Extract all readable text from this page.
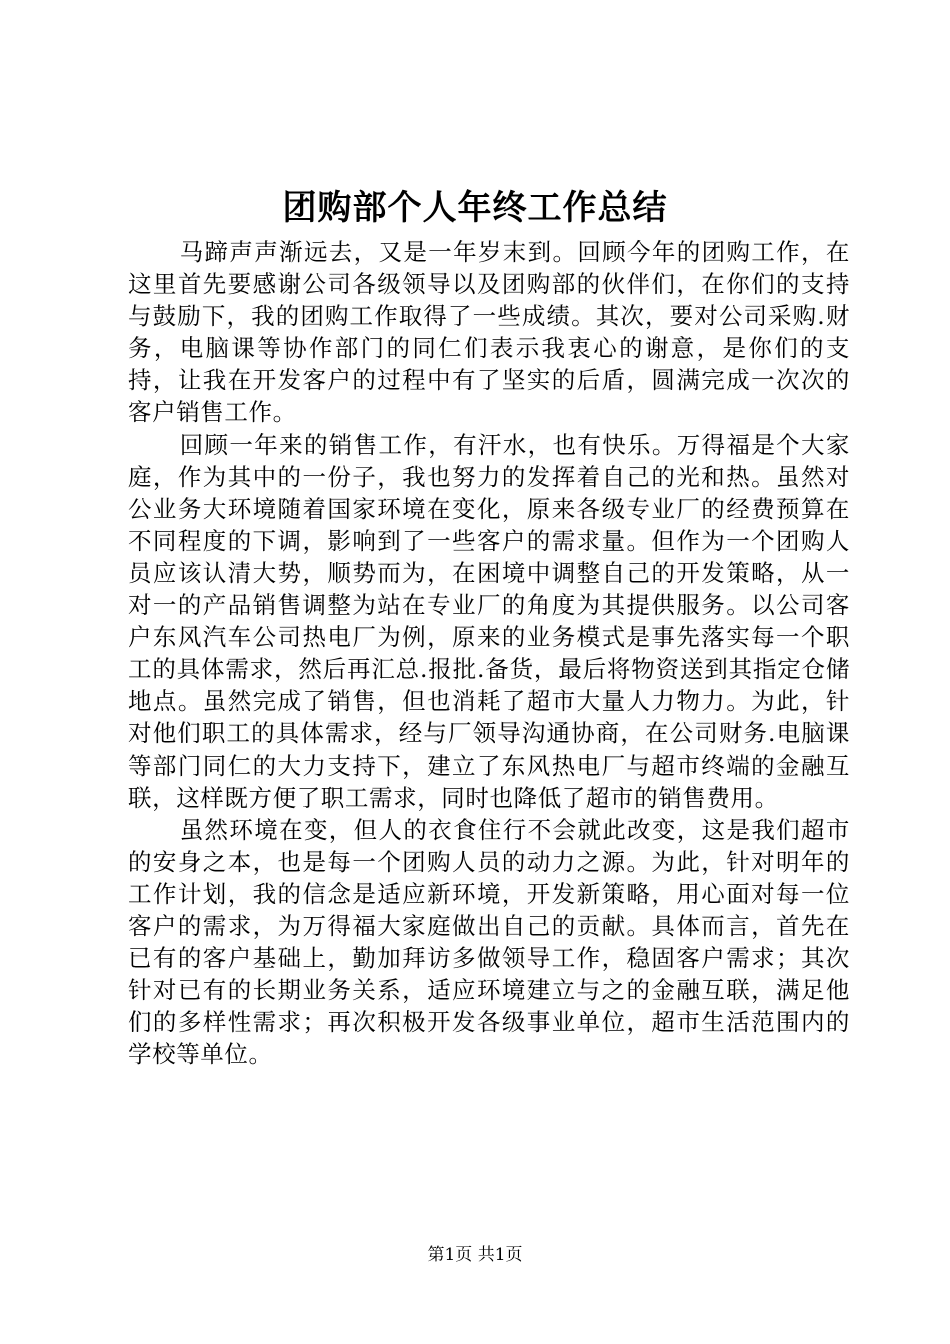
团购部个人年终工作总结

马蹄声声渐远去，又是一年岁末到。回顾今年的团购工作，在这里首先要感谢公司各级领导以及团购部的伙伴们，在你们的支持与鼓励下，我的团购工作取得了一些成绩。其次，要对公司采购.财务，电脑课等协作部门的同仁们表示我衷心的谢意，是你们的支持，让我在开发客户的过程中有了坚实的后盾，圆满完成一次次的客户销售工作。

回顾一年来的销售工作，有汗水，也有快乐。万得福是个大家庭，作为其中的一份子，我也努力的发挥着自己的光和热。虽然对公业务大环境随着国家环境在变化，原来各级专业厂的经费预算在不同程度的下调，影响到了一些客户的需求量。但作为一个团购人员应该认清大势，顺势而为，在困境中调整自己的开发策略，从一对一的产品销售调整为站在专业厂的角度为其提供服务。以公司客户东风汽车公司热电厂为例，原来的业务模式是事先落实每一个职工的具体需求，然后再汇总.报批.备货，最后将物资送到其指定仓储地点。虽然完成了销售，但也消耗了超市大量人力物力。为此，针对他们职工的具体需求，经与厂领导沟通协商，在公司财务.电脑课等部门同仁的大力支持下，建立了东风热电厂与超市终端的金融互联，这样既方便了职工需求，同时也降低了超市的销售费用。

虽然环境在变，但人的衣食住行不会就此改变，这是我们超市的安身之本，也是每一个团购人员的动力之源。为此，针对明年的工作计划，我的信念是适应新环境，开发新策略，用心面对每一位客户的需求，为万得福大家庭做出自己的贡献。具体而言，首先在已有的客户基础上，勤加拜访多做领导工作，稳固客户需求；其次针对已有的长期业务关系，适应环境建立与之的金融互联，满足他们的多样性需求；再次积极开发各级事业单位，超市生活范围内的学校等单位。

第1页 共1页
